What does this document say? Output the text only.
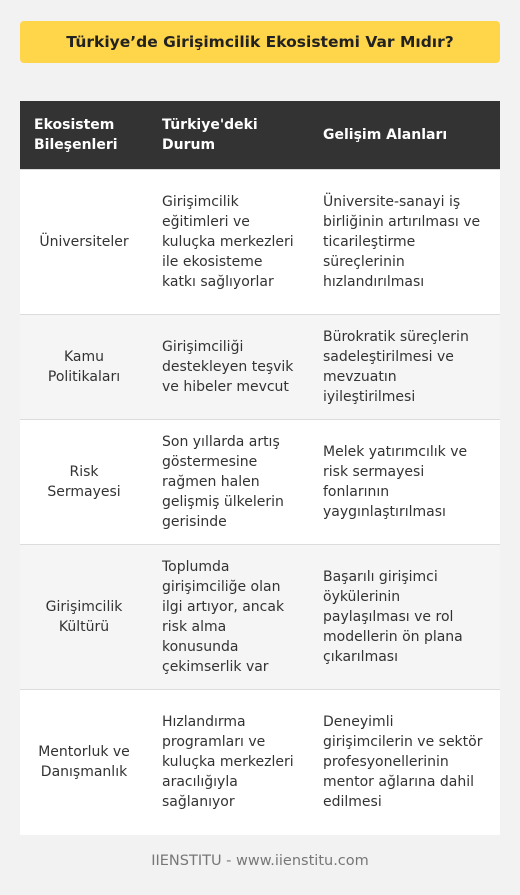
Türkiye’de Girişimcilik Ekosistemi Var Mıdır?
Ekosistem Bileşenleri	Türkiye'deki Durum	Gelişim Alanları
Üniversiteler	Girişimcilik eğitimleri ve kuluçka merkezleri ile ekosisteme katkı sağlıyorlar	Üniversite-sanayi iş birliğinin artırılması ve ticarileştirme süreçlerinin hızlandırılması
Kamu Politikaları	Girişimciliği destekleyen teşvik ve hibeler mevcut	Bürokratik süreçlerin sadeleştirilmesi ve mevzuatın iyileştirilmesi
Risk Sermayesi	Son yıllarda artış göstermesine rağmen halen gelişmiş ülkelerin gerisinde	Melek yatırımcılık ve risk sermayesi fonlarının yaygınlaştırılması
Girişimcilik Kültürü	Toplumda girişimciliğe olan ilgi artıyor, ancak risk alma konusunda çekimserlik var	Başarılı girişimci öykülerinin paylaşılması ve rol modellerin ön plana çıkarılması
Mentorluk ve Danışmanlık	Hızlandırma programları ve kuluçka merkezleri aracılığıyla sağlanıyor	Deneyimli girişimcilerin ve sektör profesyonellerinin mentor ağlarına dahil edilmesi
IIENSTITU - www.iienstitu.com
